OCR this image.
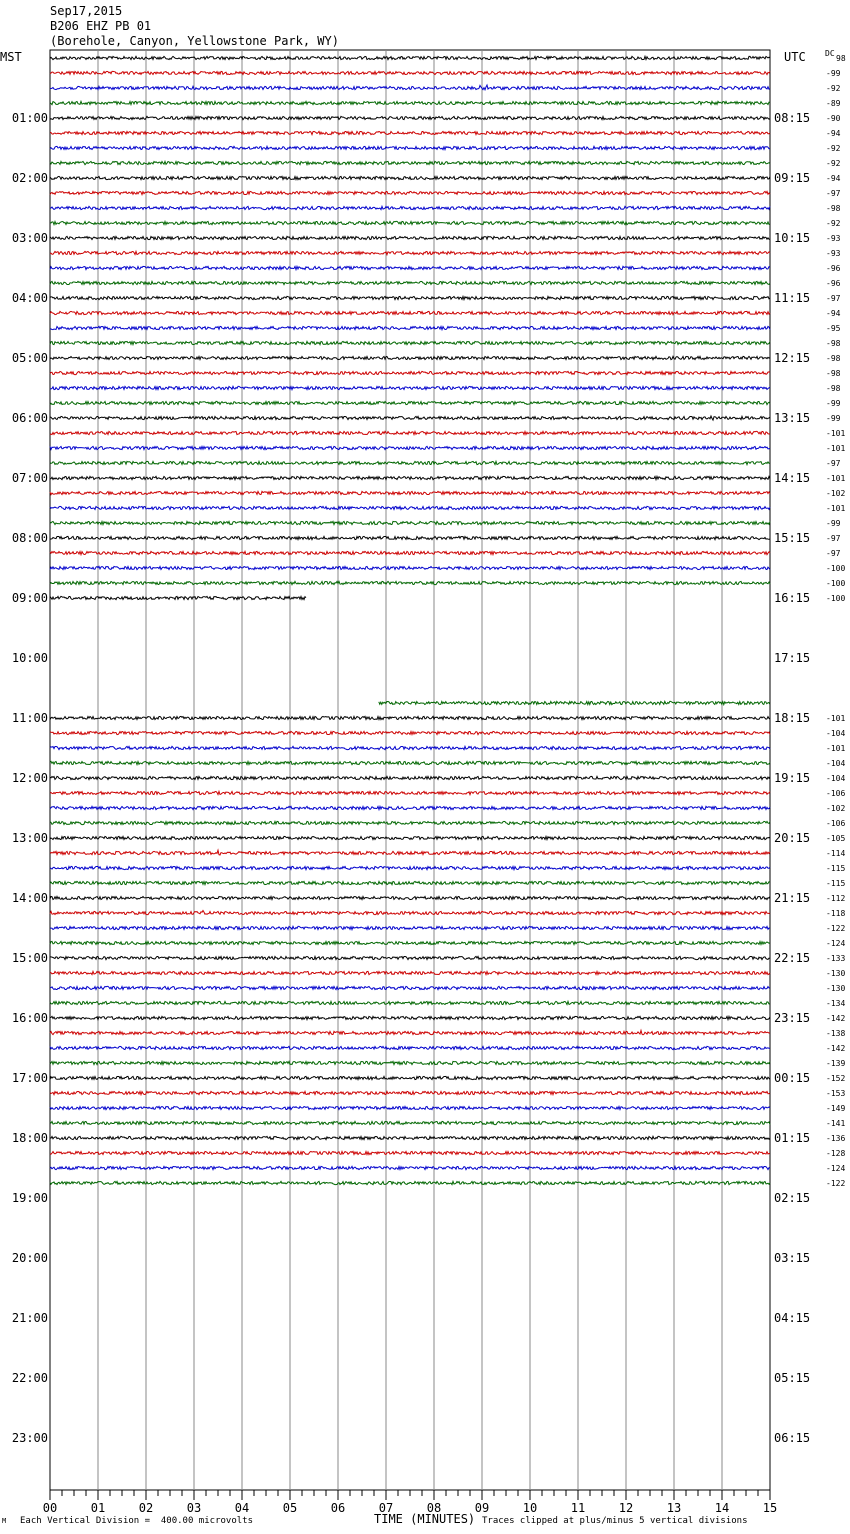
Sep17,2015
B206 EHZ PB 01
(Borehole, Canyon, Yellowstone Park, WY)
MST	UTC DC
98
00	01	02	03	04	05	06	07	08	09	10	11	12	13	14	15
01:00
02:00
03:00
04:00
05:00
06:00
07:00
08:00
09:00
10:00
11:00
12:00
13:00
14:00
15:00
16:00
17:00
18:00
19:00
20:00
21:00
22:00
23:00
08:15
09:15
10:15
11:15
12:15
13:15
14:15
15:15
16:15
17:15
18:15
19:15
20:15
21:15
22:15
23:15
00:15
01:15
02:15
03:15
04:15
05:15
06:15
-99
-92
-89
-90
-94
-92
-92
-94
-97
-98
-92
-93
-93
-96
-96
-97
-94
-95
-98
-98
-98
-98
-99
-99
-101
-101
-97
-101
-102
-101
-99
-97
-97
-100
-100
-100
-101
-104
-101
-104
-104
-106
-102
-106
-105
-114
-115
-115
-112
-118
-122
-124
-133
-130
-130
-134
-142
-138
-142
-139
-152
-153
-149
-141
-136
-128
-124
-122
TIME (MINUTES)
M Each Vertical Division =  400.00 microvolts	Traces clipped at plus/minus 5 vertical divisions
